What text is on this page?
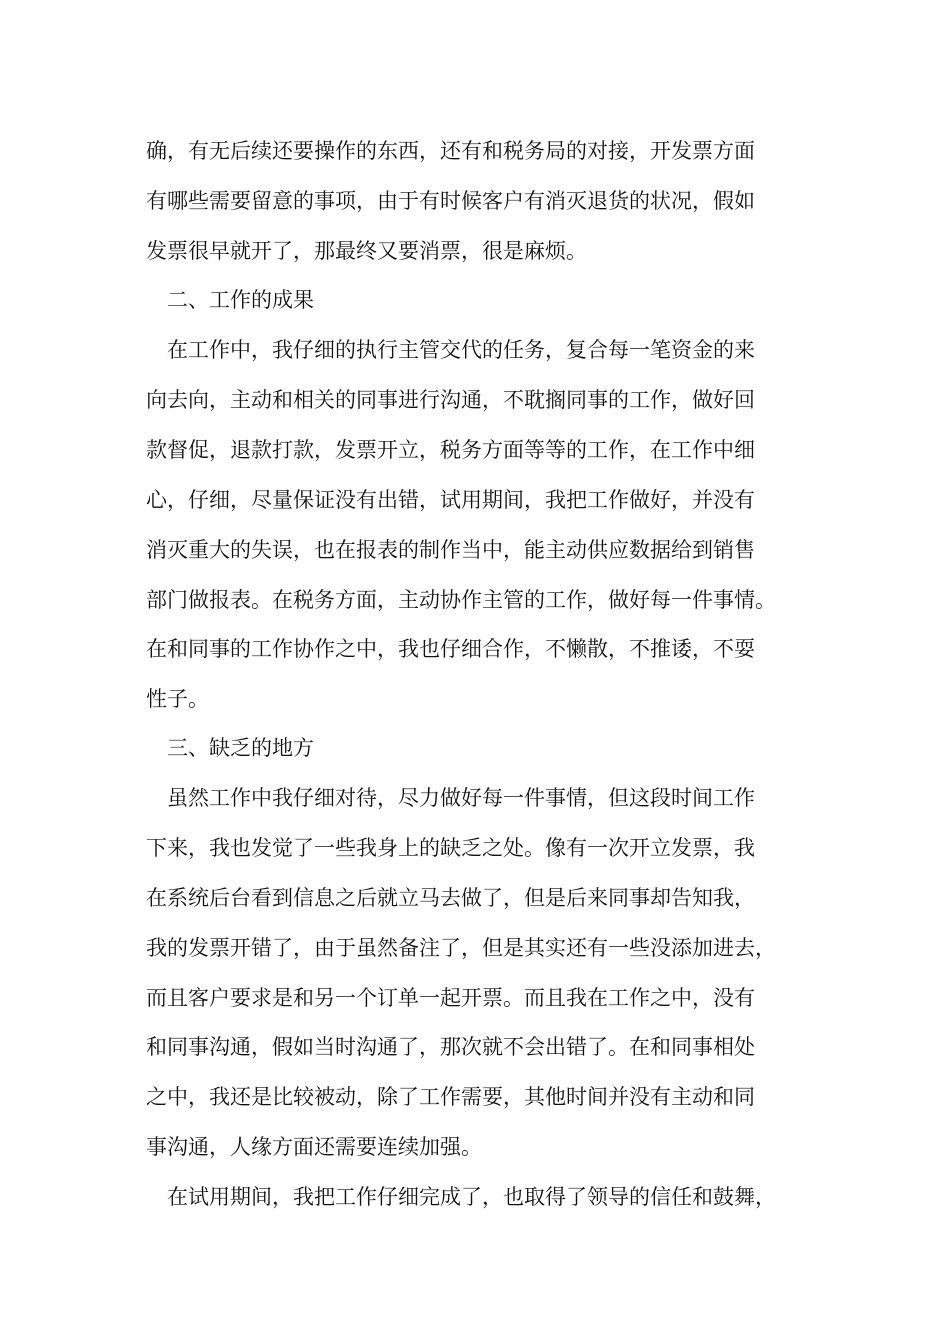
确，有无后续还要操作的东西，还有和税务局的对接，开发票方面
有哪些需要留意的事项，由于有时候客户有消灭退货的状况，假如
发票很早就开了，那最终又要消票，很是麻烦。
二、工作的成果
在工作中，我仔细的执行主管交代的任务，复合每一笔资金的来
向去向，主动和相关的同事进行沟通，不耽搁同事的工作，做好回
款督促，退款打款，发票开立，税务方面等等的工作，在工作中细
心，仔细，尽量保证没有出错，试用期间，我把工作做好，并没有
消灭重大的失误，也在报表的制作当中，能主动供应数据给到销售
部门做报表。在税务方面，主动协作主管的工作，做好每一件事情。
在和同事的工作协作之中，我也仔细合作，不懒散，不推诿，不耍
性子。
三、缺乏的地方
虽然工作中我仔细对待，尽力做好每一件事情，但这段时间工作
下来，我也发觉了一些我身上的缺乏之处。像有一次开立发票，我
在系统后台看到信息之后就立马去做了，但是后来同事却告知我，
我的发票开错了，由于虽然备注了，但是其实还有一些没添加进去，
而且客户要求是和另一个订单一起开票。而且我在工作之中，没有
和同事沟通，假如当时沟通了，那次就不会出错了。在和同事相处
之中，我还是比较被动，除了工作需要，其他时间并没有主动和同
事沟通，人缘方面还需要连续加强。
在试用期间，我把工作仔细完成了，也取得了领导的信任和鼓舞，
